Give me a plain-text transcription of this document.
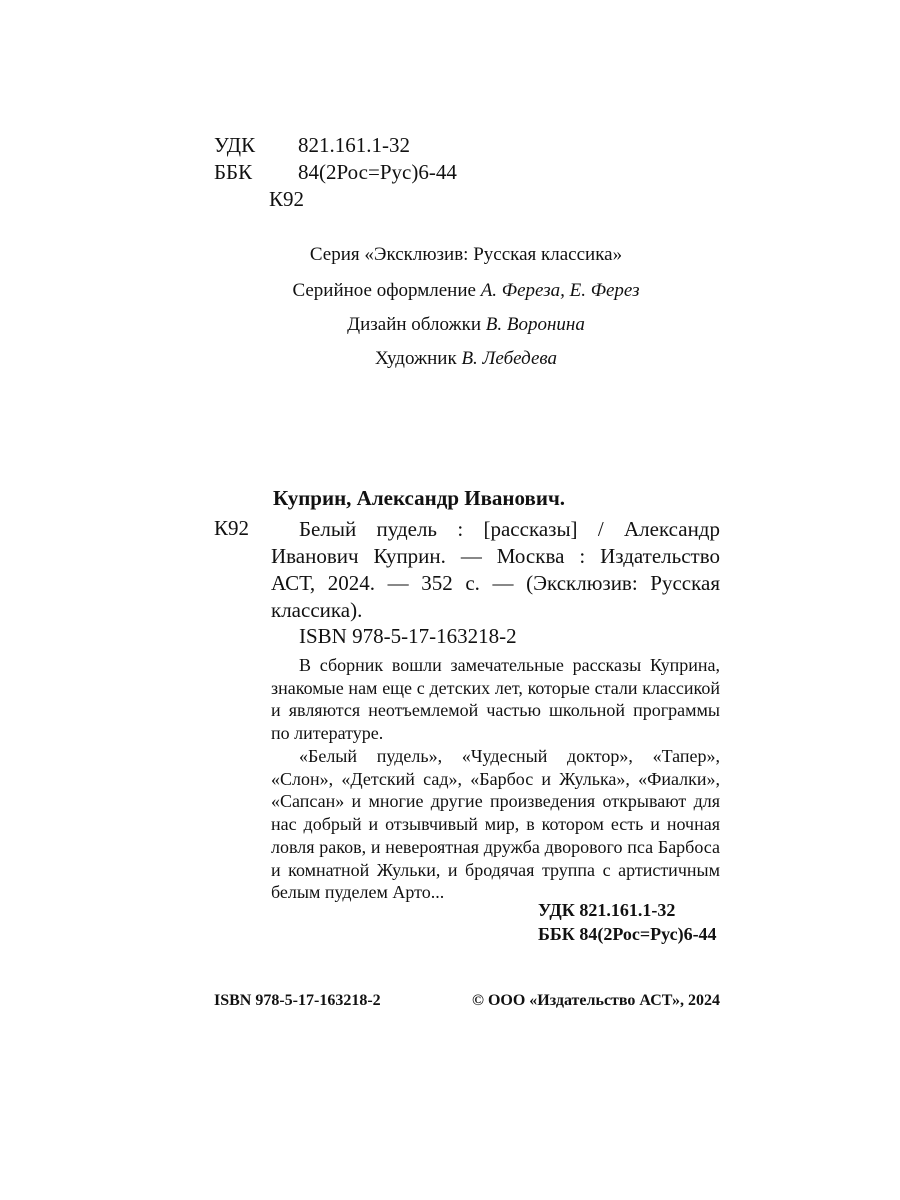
УДК 821.161.1-32
ББК 84(2Рос=Рус)6-44
К92
Серия «Эксклюзив: Русская классика»
Серийное оформление А. Фереза, Е. Ферез
Дизайн обложки В. Воронина
Художник В. Лебедева
Куприн, Александр Иванович.
К92	Белый пудель : [рассказы] / Александр Иванович Куприн. — Москва : Издательство АСТ, 2024. — 352 с. — (Эксклюзив: Русская классика).
ISBN 978-5-17-163218-2
В сборник вошли замечательные рассказы Куприна, знакомые нам еще с детских лет, которые стали классикой и являются неотъемлемой частью школьной программы по литературе.
«Белый пудель», «Чудесный доктор», «Тапер», «Слон», «Детский сад», «Барбос и Жулька», «Фиалки», «Сапсан» и многие другие произведения открывают для нас добрый и отзывчивый мир, в котором есть и ночная ловля раков, и невероятная дружба дворового пса Барбоса и комнатной Жульки, и бродячая труппа с артистичным белым пуделем Арто...
УДК 821.161.1-32
ББК 84(2Рос=Рус)6-44
ISBN 978-5-17-163218-2	© ООО «Издательство АСТ», 2024
